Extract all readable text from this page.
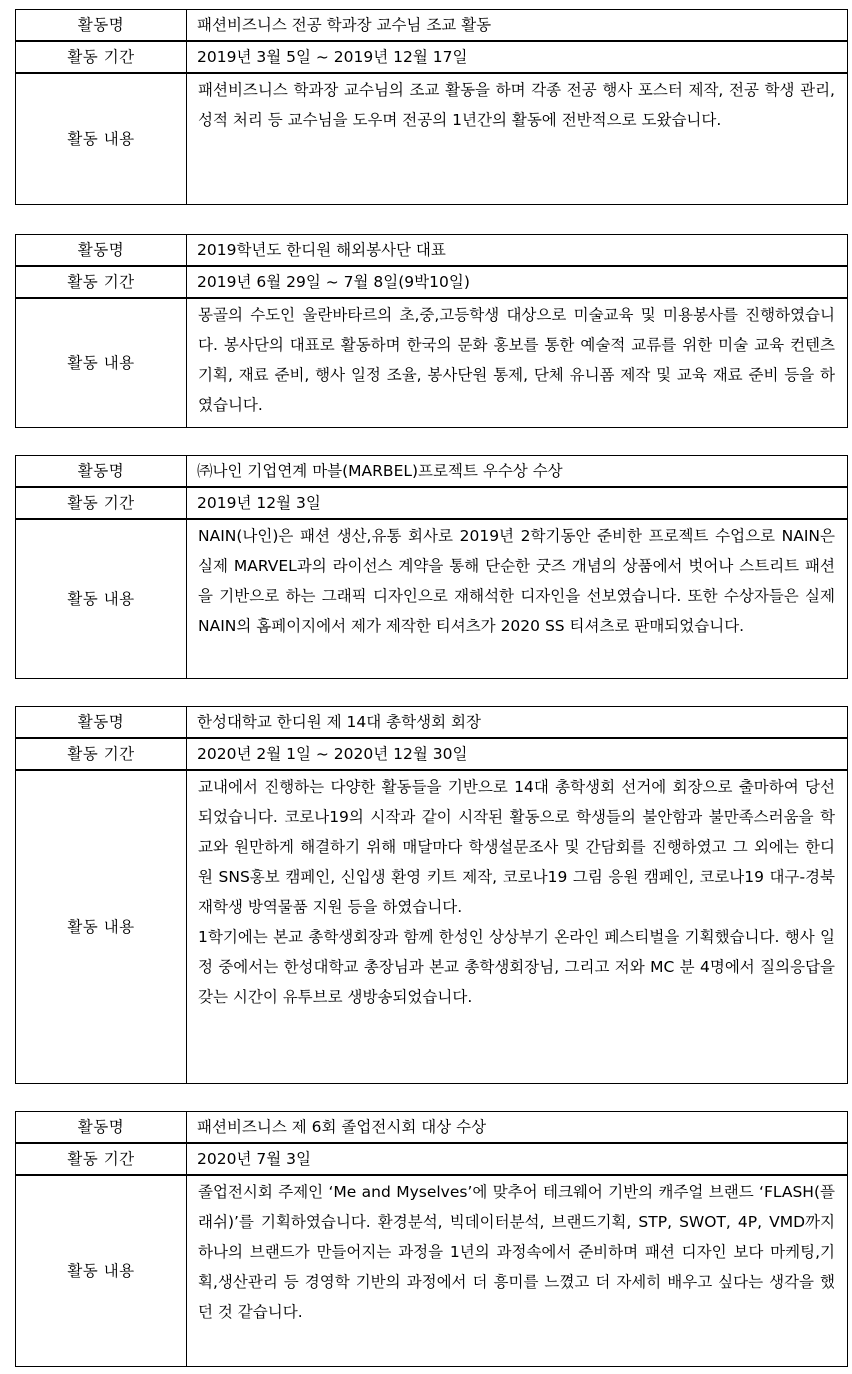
활동명	패션비즈니스 전공 학과장 교수님 조교 활동
활동 기간	2019년 3월 5일 ~ 2019년 12월 17일
활동 내용	패션비즈니스 학과장 교수님의 조교 활동을 하며 각종 전공 행사 포스터 제작, 전공 학생 관리, 성적 처리 등 교수님을 도우며 전공의 1년간의 활동에 전반적으로 도왔습니다.
활동명	2019학년도 한디원 해외봉사단 대표
활동 기간	2019년 6월 29일 ~ 7월 8일(9박10일)
활동 내용	몽골의 수도인 울란바타르의 초,중,고등학생 대상으로 미술교육 및 미용봉사를 진행하였습니다. 봉사단의 대표로 활동하며 한국의 문화 홍보를 통한 예술적 교류를 위한 미술 교육 컨텐츠 기획, 재료 준비, 행사 일정 조율, 봉사단원 통제, 단체 유니폼 제작 및 교육 재료 준비 등을 하였습니다.
활동명	㈜나인 기업연계 마블(MARBEL)프로젝트 우수상 수상
활동 기간	2019년 12월 3일
활동 내용	NAIN(나인)은 패션 생산,유통 회사로 2019년 2학기동안 준비한 프로젝트 수업으로 NAIN은 실제 MARVEL과의 라이선스 계약을 통해 단순한 굿즈 개념의 상품에서 벗어나 스트리트 패션을 기반으로 하는 그래픽 디자인으로 재해석한 디자인을 선보였습니다. 또한 수상자들은 실제 NAIN의 홈페이지에서 제가 제작한 티셔츠가 2020 SS 티셔츠로 판매되었습니다.
활동명	한성대학교 한디원 제 14대 총학생회 회장
활동 기간	2020년 2월 1일 ~ 2020년 12월 30일
활동 내용	교내에서 진행하는 다양한 활동들을 기반으로 14대 총학생회 선거에 회장으로 출마하여 당선되었습니다. 코로나19의 시작과 같이 시작된 활동으로 학생들의 불안함과 불만족스러움을 학교와 원만하게 해결하기 위해 매달마다 학생설문조사 및 간담회를 진행하였고 그 외에는 한디원 SNS홍보 캠페인, 신입생 환영 키트 제작, 코로나19 그림 응원 캠페인, 코로나19 대구-경북 재학생 방역물품 지원 등을 하였습니다.
1학기에는 본교 총학생회장과 함께 한성인 상상부기 온라인 페스티벌을 기획했습니다. 행사 일정 중에서는 한성대학교 총장님과 본교 총학생회장님, 그리고 저와 MC 분 4명에서 질의응답을 갖는 시간이 유투브로 생방송되었습니다.
활동명	패션비즈니스 제 6회 졸업전시회 대상 수상
활동 기간	2020년 7월 3일
활동 내용	졸업전시회 주제인 ‘Me and Myselves’에 맞추어 테크웨어 기반의 캐주얼 브랜드 ‘FLASH(플래쉬)’를 기획하였습니다. 환경분석, 빅데이터분석, 브랜드기획, STP, SWOT, 4P, VMD까지 하나의 브랜드가 만들어지는 과정을 1년의 과정속에서 준비하며 패션 디자인 보다 마케팅,기획,생산관리 등 경영학 기반의 과정에서 더 흥미를 느꼈고 더 자세히 배우고 싶다는 생각을 했던 것 같습니다.
